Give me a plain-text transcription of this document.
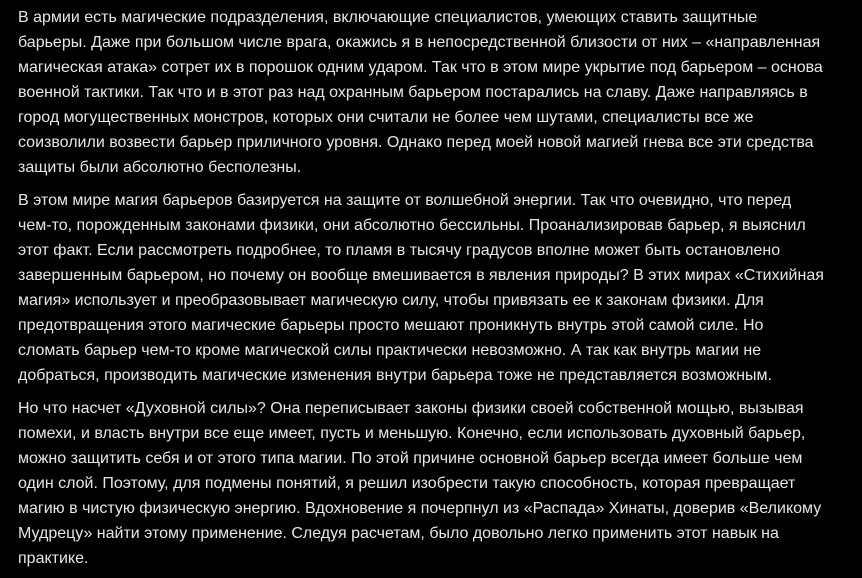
В армии есть магические подразделения, включающие специалистов, умеющих ставить защитные
барьеры. Даже при большом числе врага, окажись я в непосредственной близости от них – «направленная
магическая атака» сотрет их в порошок одним ударом. Так что в этом мире укрытие под барьером – основа
военной тактики. Так что и в этот раз над охранным барьером постарались на славу. Даже направляясь в
город могущественных монстров, которых они считали не более чем шутами, специалисты все же
соизволили возвести барьер приличного уровня. Однако перед моей новой магией гнева все эти средства
защиты были абсолютно бесполезны.
В этом мире магия барьеров базируется на защите от волшебной энергии. Так что очевидно, что перед
чем-то, порожденным законами физики, они абсолютно бессильны. Проанализировав барьер, я выяснил
этот факт. Если рассмотреть подробнее, то пламя в тысячу градусов вполне может быть остановлено
завершенным барьером, но почему он вообще вмешивается в явления природы? В этих мирах «Стихийная
магия» использует и преобразовывает магическую силу, чтобы привязать ее к законам физики. Для
предотвращения этого магические барьеры просто мешают проникнуть внутрь этой самой силе. Но
сломать барьер чем-то кроме магической силы практически невозможно. А так как внутрь магии не
добраться, производить магические изменения внутри барьера тоже не представляется возможным.
Но что насчет «Духовной силы»? Она переписывает законы физики своей собственной мощью, вызывая
помехи, и власть внутри все еще имеет, пусть и меньшую. Конечно, если использовать духовный барьер,
можно защитить себя и от этого типа магии. По этой причине основной барьер всегда имеет больше чем
один слой. Поэтому, для подмены понятий, я решил изобрести такую способность, которая превращает
магию в чистую физическую энергию. Вдохновение я почерпнул из «Распада» Хинаты, доверив «Великому
Мудрецу» найти этому применение. Следуя расчетам, было довольно легко применить этот навык на
практике.
